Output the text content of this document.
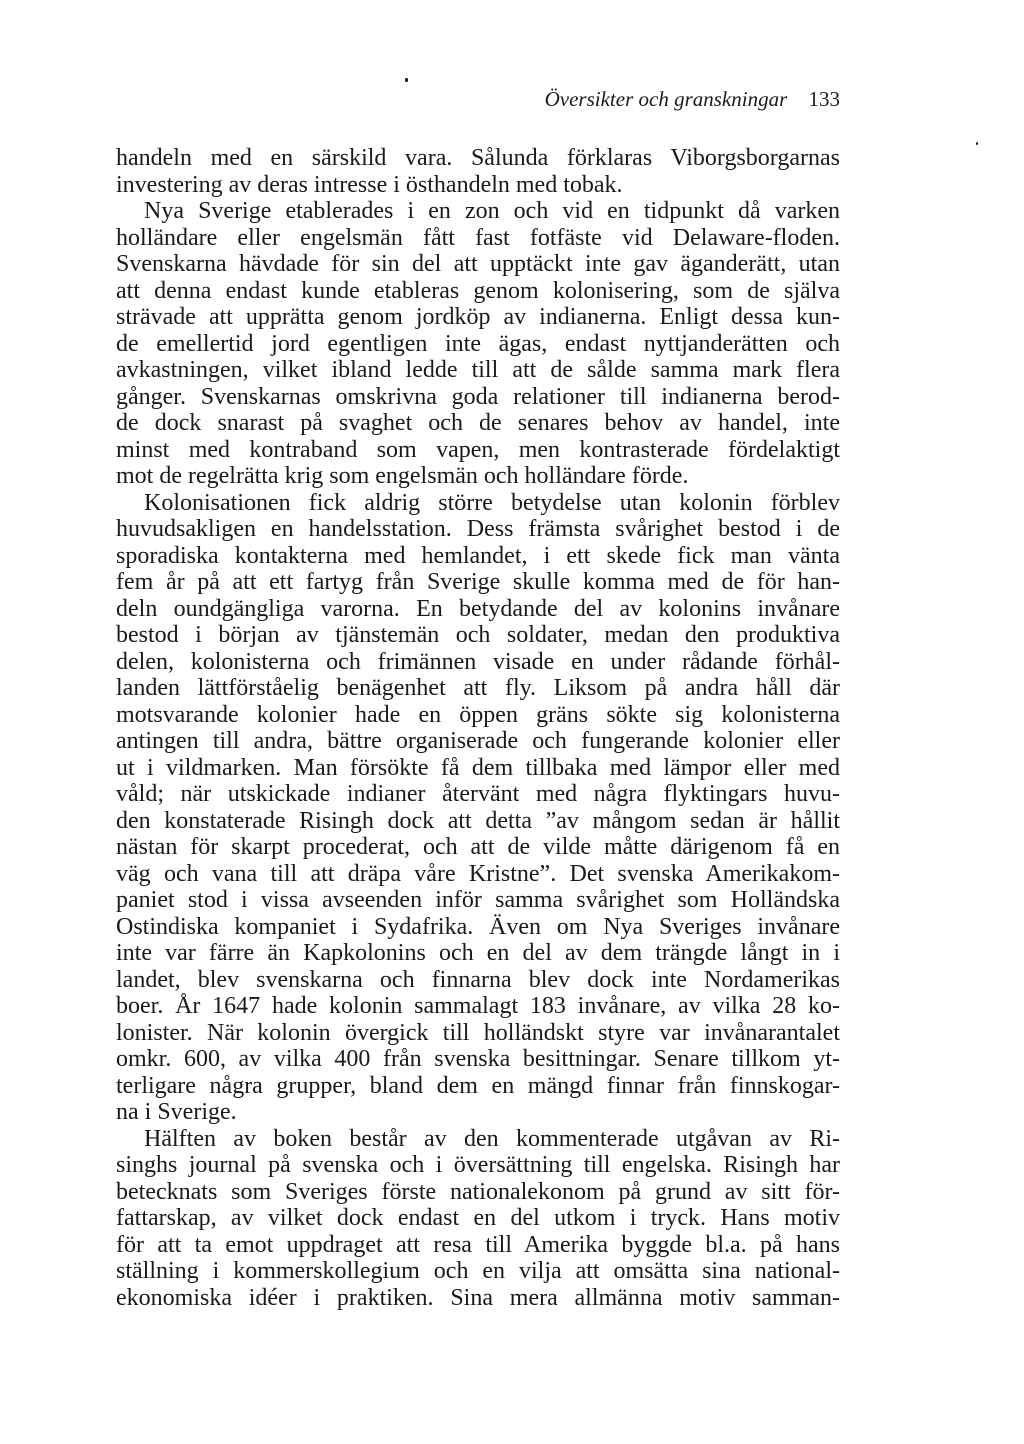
Översikter och granskningar 133
handeln med en särskild vara. Sålunda förklaras Viborgsborgarnas
investering av deras intresse i östhandeln med tobak.
Nya Sverige etablerades i en zon och vid en tidpunkt då varken
holländare eller engelsmän fått fast fotfäste vid Delaware-floden.
Svenskarna hävdade för sin del att upptäckt inte gav äganderätt, utan
att denna endast kunde etableras genom kolonisering, som de själva
strävade att upprätta genom jordköp av indianerna. Enligt dessa kun-
de emellertid jord egentligen inte ägas, endast nyttjanderätten och
avkastningen, vilket ibland ledde till att de sålde samma mark flera
gånger. Svenskarnas omskrivna goda relationer till indianerna berod-
de dock snarast på svaghet och de senares behov av handel, inte
minst med kontraband som vapen, men kontrasterade fördelaktigt
mot de regelrätta krig som engelsmän och holländare förde.
Kolonisationen fick aldrig större betydelse utan kolonin förblev
huvudsakligen en handelsstation. Dess främsta svårighet bestod i de
sporadiska kontakterna med hemlandet, i ett skede fick man vänta
fem år på att ett fartyg från Sverige skulle komma med de för han-
deln oundgängliga varorna. En betydande del av kolonins invånare
bestod i början av tjänstemän och soldater, medan den produktiva
delen, kolonisterna och frimännen visade en under rådande förhål-
landen lättförståelig benägenhet att fly. Liksom på andra håll där
motsvarande kolonier hade en öppen gräns sökte sig kolonisterna
antingen till andra, bättre organiserade och fungerande kolonier eller
ut i vildmarken. Man försökte få dem tillbaka med lämpor eller med
våld; när utskickade indianer återvänt med några flyktingars huvu-
den konstaterade Risingh dock att detta ”av mångom sedan är hållit
nästan för skarpt procederat, och att de vilde måtte därigenom få en
väg och vana till att dräpa våre Kristne”. Det svenska Amerikakom-
paniet stod i vissa avseenden inför samma svårighet som Holländska
Ostindiska kompaniet i Sydafrika. Även om Nya Sveriges invånare
inte var färre än Kapkolonins och en del av dem trängde långt in i
landet, blev svenskarna och finnarna blev dock inte Nordamerikas
boer. År 1647 hade kolonin sammalagt 183 invånare, av vilka 28 ko-
lonister. När kolonin övergick till holländskt styre var invånarantalet
omkr. 600, av vilka 400 från svenska besittningar. Senare tillkom yt-
terligare några grupper, bland dem en mängd finnar från finnskogar-
na i Sverige.
Hälften av boken består av den kommenterade utgåvan av Ri-
singhs journal på svenska och i översättning till engelska. Risingh har
betecknats som Sveriges förste nationalekonom på grund av sitt för-
fattarskap, av vilket dock endast en del utkom i tryck. Hans motiv
för att ta emot uppdraget att resa till Amerika byggde bl.a. på hans
ställning i kommerskollegium och en vilja att omsätta sina national-
ekonomiska idéer i praktiken. Sina mera allmänna motiv samman-
